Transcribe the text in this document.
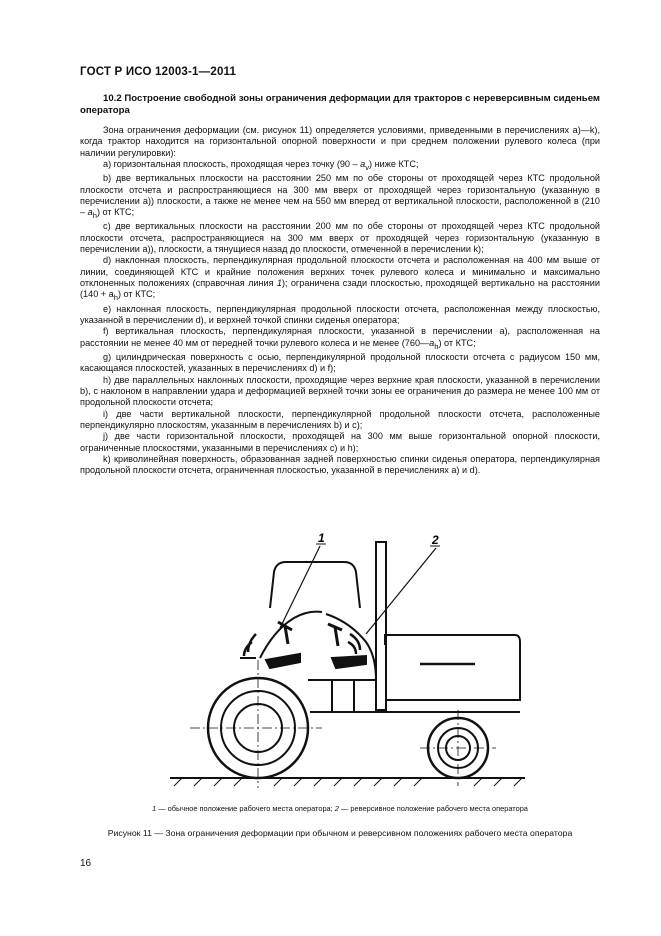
ГОСТ Р ИСО 12003-1—2011
10.2 Построение свободной зоны ограничения деформации для тракторов с нереверсивным сиденьем оператора

Зона ограничения деформации (см. рисунок 11) определяется условиями, приведенными в перечислениях а)—k), когда трактор находится на горизонтальной опорной поверхности и при среднем положении рулевого колеса (при наличии регулировки):

а) горизонтальная плоскость, проходящая через точку $(90 - a_v)$ ниже КТС;

b) две вертикальных плоскости на расстоянии 250 мм по обе стороны от проходящей через КТС продольной плоскости отсчета и распространяющиеся на 300 мм вверх от проходящей через горизонтальную (указанную в перечислении а)) плоскости, а также не менее чем на 550 мм вперед от вертикальной плоскости, расположенной в $(210 - a_h)$ от КТС;

с) две вертикальных плоскости на расстоянии 200 мм по обе стороны от проходящей через КТС продольной плоскости отсчета, распространяющиеся на 300 мм вверх от проходящей через горизонтальную (указанную в перечислении а)), плоскости, а тянущиеся назад до плоскости, отмеченной в перечислении k);

d) наклонная плоскость, перпендикулярная продольной плоскости отсчета и расположенная на 400 мм выше от линии, соединяющей КТС и крайние положения верхних точек рулевого колеса и минимально и максимально отклоненных положениях (справочная линия 1); ограничена сзади плоскостью, проходящей вертикально на расстоянии $(140 + a_h)$ от КТС;

е) наклонная плоскость, перпендикулярная продольной плоскости отсчета, расположенная между плоскостью, указанной в перечислении d), и верхней точкой спинки сиденья оператора;

f) вертикальная плоскость, перпендикулярная плоскости, указанной в перечислении а), расположенная на расстоянии не менее 40 мм от передней точки рулевого колеса и не менее $(760—a_h)$ от КТС;

g) цилиндрическая поверхность с осью, перпендикулярной продольной плоскости отсчета с радиусом 150 мм, касающаяся плоскостей, указанных в перечислениях d) и f);

h) две параллельных наклонных плоскости, проходящие через верхние края плоскости, указанной в перечислении b), с наклоном в направлении удара и деформацией верхней точки зоны ее ограничения до размера не менее 100 мм от продольной плоскости отсчета;

i) две части вертикальной плоскости, перпендикулярной продольной плоскости отсчета, расположенные перпендикулярно плоскостям, указанным в перечислениях b) и c);

j) две части горизонтальной плоскости, проходящей на 300 мм выше горизонтальной опорной плоскости, ограниченные плоскостями, указанными в перечислениях c) и h);

k) криволинейная поверхность, образованная задней поверхностью спинки сиденья оператора, перпендикулярная продольной плоскости отсчета, ограниченная плоскостью, указанной в перечислениях а) и d).

1	2
1 — обычное положение рабочего места оператора; 2 — реверсивное положение рабочего места оператора
Рисунок 11 — Зона ограничения деформации при обычном и реверсивном положениях рабочего места оператора
16
